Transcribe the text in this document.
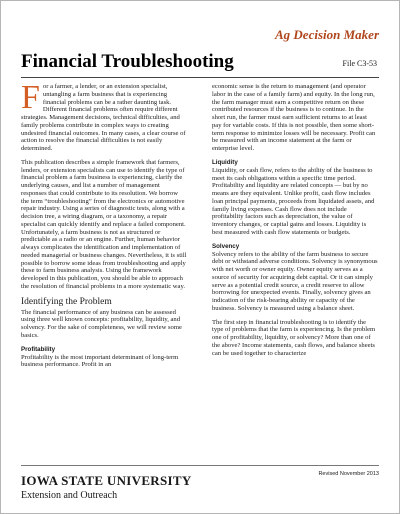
Ag Decision Maker
Financial Troubleshooting	File C3-53

For a farmer, a lender, or an extension specialist, untangling a farm business that is experiencing financial problems can be a rather daunting task. Different financial problems often require different strategies. Management decisions, technical difficulties, and family problems contribute in complex ways to creating undesired financial outcomes. In many cases, a clear course of action to resolve the financial difficulties is not easily determined.

This publication describes a simple framework that farmers, lenders, or extension specialists can use to identify the type of financial problem a farm business is experiencing, clarify the underlying causes, and list a number of management responses that could contribute to its resolution. We borrow the term “troubleshooting” from the electronics or automotive repair industry. Using a series of diagnostic tests, along with a decision tree, a wiring diagram, or a taxonomy, a repair specialist can quickly identify and replace a failed component. Unfortunately, a farm business is not as structured or predictable as a radio or an engine. Further, human behavior always complicates the identification and implementation of needed managerial or business changes. Nevertheless, it is still possible to borrow some ideas from troubleshooting and apply these to farm business analysis. Using the framework developed in this publication, you should be able to approach the resolution of financial problems in a more systematic way.

Identifying the Problem

The financial performance of any business can be assessed using three well known concepts: profitability, liquidity, and solvency. For the sake of completeness, we will review some basics.

Profitability

Profitability is the most important determinant of long-term business performance. Profit in an

economic sense is the return to management (and operator labor in the case of a family farm) and equity. In the long run, the farm manager must earn a competitive return on these contributed resources if the business is to continue. In the short run, the farmer must earn sufficient returns to at least pay for variable costs. If this is not possible, then some short-term response to minimize losses will be necessary. Profit can be measured with an income statement at the farm or enterprise level.

Liquidity

Liquidity, or cash flow, refers to the ability of the business to meet its cash obligations within a specific time period. Profitability and liquidity are related concepts — but by no means are they equivalent. Unlike profit, cash flow includes loan principal payments, proceeds from liquidated assets, and family living expenses. Cash flow does not include profitability factors such as depreciation, the value of inventory changes, or capital gains and losses. Liquidity is best measured with cash flow statements or budgets.

Solvency

Solvency refers to the ability of the farm business to secure debt or withstand adverse conditions. Solvency is synonymous with net worth or owner equity. Owner equity serves as a source of security for acquiring debt capital. Or it can simply serve as a potential credit source, a credit reserve to allow borrowing for unexpected events. Finally, solvency gives an indication of the risk-bearing ability or capacity of the business. Solvency is measured using a balance sheet.

The first step in financial troubleshooting is to identify the type of problems that the farm is experiencing. Is the problem one of profitability, liquidity, or solvency? More than one of the above? Income statements, cash flows, and balance sheets can be used together to characterize

IOWA STATE UNIVERSITY
Extension and Outreach
Revised November 2013
